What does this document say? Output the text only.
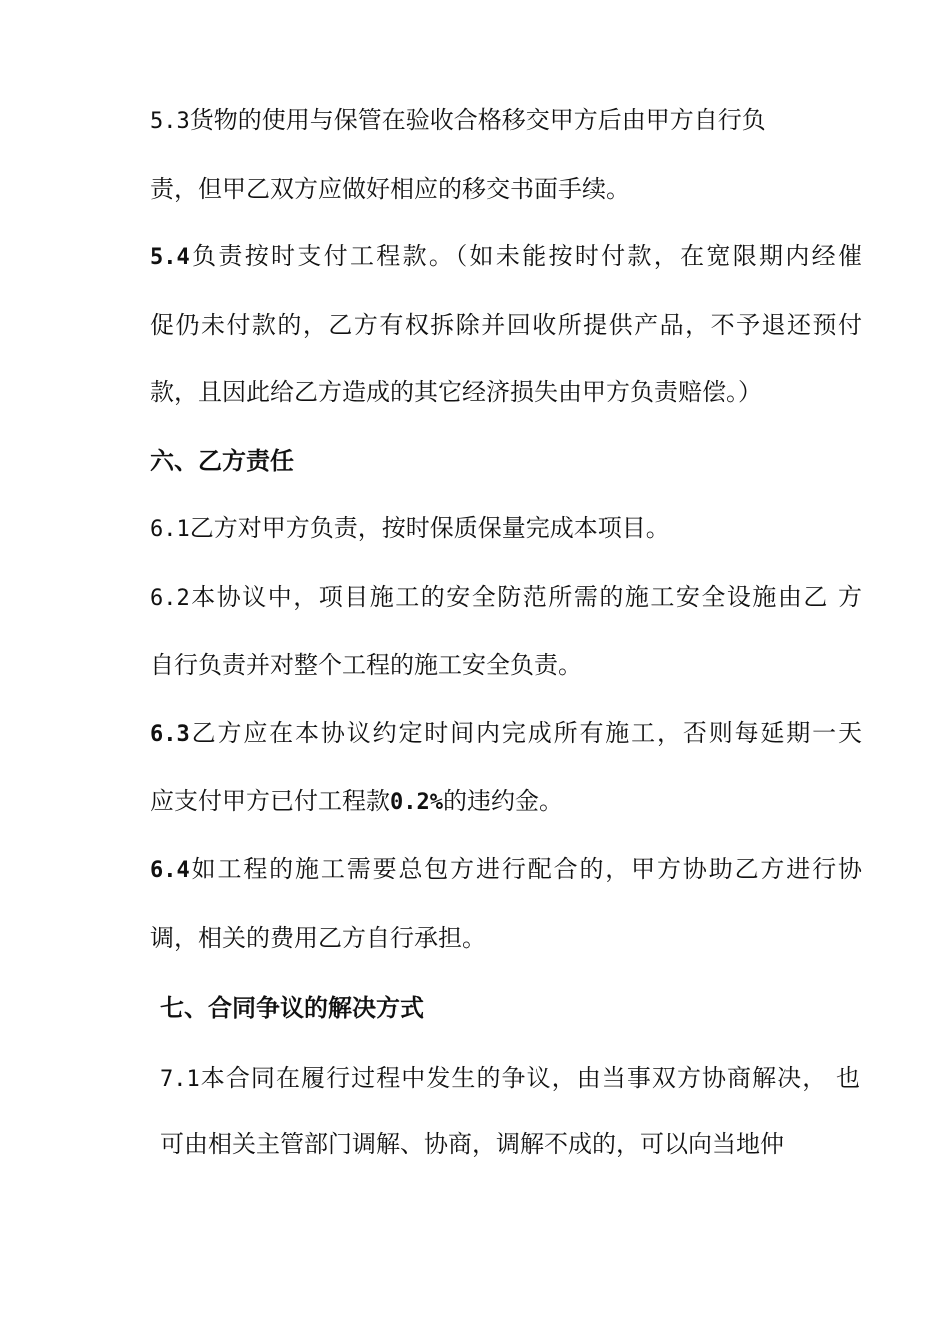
5.3货物的使用与保管在验收合格移交甲方后由甲方自行负
责，但甲乙双方应做好相应的移交书面手续。
5.4负责按时支付工程款。（如未能按时付款，在宽限期内经催
促仍未付款的，乙方有权拆除并回收所提供产品，不予退还预付
款，且因此给乙方造成的其它经济损失由甲方负责赔偿。）
六、乙方责任
6.1乙方对甲方负责，按时保质保量完成本项目。
6.2本协议中，项目施工的安全防范所需的施工安全设施由乙 方
自行负责并对整个工程的施工安全负责。
6.3乙方应在本协议约定时间内完成所有施工，否则每延期一天
应支付甲方已付工程款0.2%的违约金。
6.4如工程的施工需要总包方进行配合的，甲方协助乙方进行协
调，相关的费用乙方自行承担。
七、合同争议的解决方式
7.1本合同在履行过程中发生的争议，由当事双方协商解决， 也
可由相关主管部门调解、协商，调解不成的，可以向当地仲
